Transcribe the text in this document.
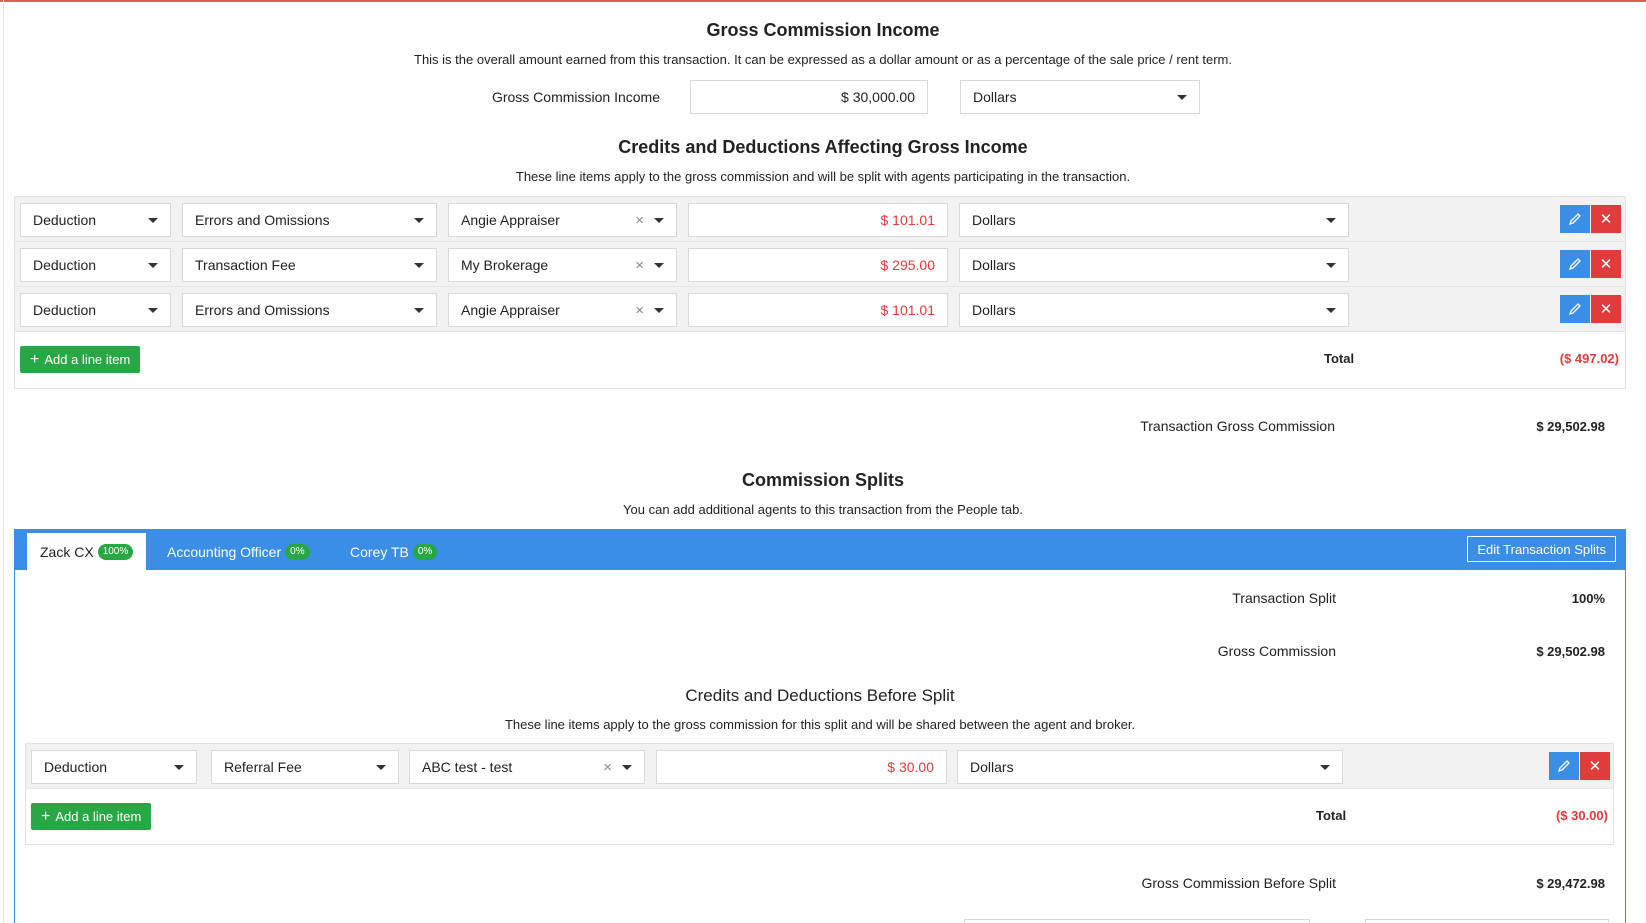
Gross Commission Income
This is the overall amount earned from this transaction. It can be expressed as a dollar amount or as a percentage of the sale price / rent term.
Gross Commission Income	$ 30,000.00	Dollars
Credits and Deductions Affecting Gross Income
These line items apply to the gross commission and will be split with agents participating in the transaction.
Deduction	Errors and Omissions	Angie Appraiser	×	$ 101.01	Dollars	✕
Deduction	Transaction Fee	My Brokerage	×	$ 295.00	Dollars	✕
Deduction	Errors and Omissions	Angie Appraiser	×	$ 101.01	Dollars	✕
+ Add a line item	Total	($ 497.02)
Transaction Gross Commission	$ 29,502.98
Commission Splits
You can add additional agents to this transaction from the People tab.
Zack CX 100%	Accounting Officer 0%	Corey TB 0%	Edit Transaction Splits
Transaction Split	100%
Gross Commission	$ 29,502.98
Credits and Deductions Before Split
These line items apply to the gross commission for this split and will be shared between the agent and broker.
Deduction	Referral Fee	ABC test - test	×	$ 30.00	Dollars	✕
+ Add a line item	Total	($ 30.00)
Gross Commission Before Split	$ 29,472.98
